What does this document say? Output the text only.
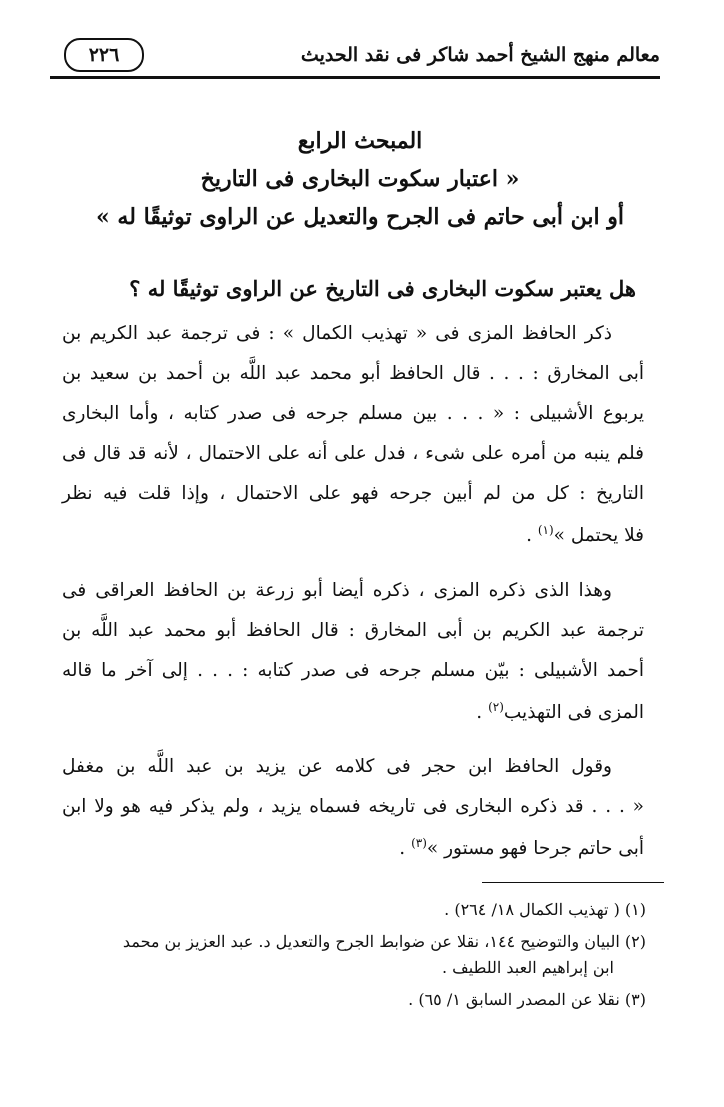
معالم منهج الشيخ أحمد شاكر فى نقد الحديث
٢٢٦
المبحث الرابع
« اعتبار سكوت البخارى فى التاريخ
أو ابن أبى حاتم فى الجرح والتعديل عن الراوى توثيقًا له »
هل يعتبر سكوت البخارى فى التاريخ عن الراوى توثيقًا له ؟
ذكر الحافظ المزى فى « تهذيب الكمال » : فى ترجمة عبد الكريم بن
أبى المخارق : . . . قال الحافظ أبو محمد عبد اللَّه بن أحمد بن سعيد بن
يربوع الأشبيلى : « . . . بين مسلم جرحه فى صدر كتابه ، وأما البخارى
فلم ينبه من أمره على شىء ، فدل على أنه على الاحتمال ، لأنه قد قال فى
التاريخ : كل من لم أبين جرحه فهو على الاحتمال ، وإذا قلت فيه نظر
فلا يحتمل »$^{(١)}$ .
وهذا الذى ذكره المزى ، ذكره أيضا أبو زرعة بن الحافظ العراقى فى
ترجمة عبد الكريم بن أبى المخارق : قال الحافظ أبو محمد عبد اللَّه بن
أحمد الأشبيلى : بيّن مسلم جرحه فى صدر كتابه : . . . إلى آخر ما قاله
المزى فى التهذيب$^{(٢)}$ .
وقول الحافظ ابن حجر فى كلامه عن يزيد بن عبد اللَّه بن مغفل
« . . . قد ذكره البخارى فى تاريخه فسماه يزيد ، ولم يذكر فيه هو ولا ابن
أبى حاتم جرحا فهو مستور »$^{(٣)}$ .
(١) ( تهذيب الكمال ١٨/ ٢٦٤) .
(٢) البيان والتوضيح ١٤٤، نقلا عن ضوابط الجرح والتعديل د. عبد العزيز بن محمد
ابن إبراهيم العبد اللطيف .
(٣) نقلا عن المصدر السابق ١/ ٦٥) .
